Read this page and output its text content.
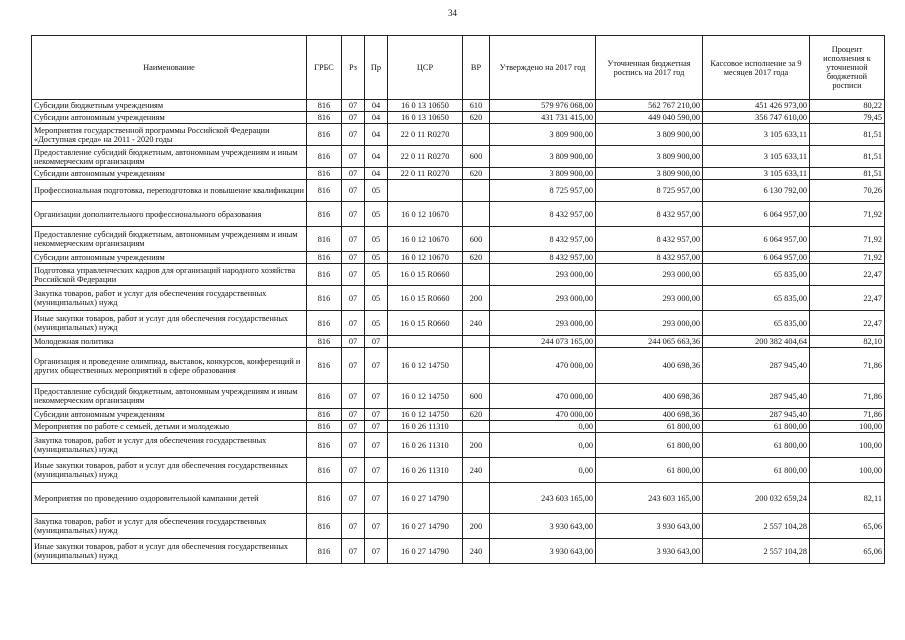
34
Наименование	ГРБС	Рз	Пр	ЦСР	ВР	Утверждено на 2017 год	Уточненная бюджетная роспись на 2017 год	Кассовое исполнение за 9 месяцев 2017 года	Процент исполнения к уточненной бюджетной росписи
Субсидии бюджетным учреждениям	816	07	04	16 0 13 10650	610	579 976 068,00	562 767 210,00	451 426 973,00	80,22
Субсидии автономным учреждениям	816	07	04	16 0 13 10650	620	431 731 415,00	449 040 590,00	356 747 610,00	79,45
Мероприятия государственной программы Российской Федерации «Доступная среда» на 2011 - 2020 годы	816	07	04	22 0 11 R0270		3 809 900,00	3 809 900,00	3 105 633,11	81,51
Предоставление субсидий бюджетным, автономным учреждениям и иным некоммерческим организациям	816	07	04	22 0 11 R0270	600	3 809 900,00	3 809 900,00	3 105 633,11	81,51
Субсидии автономным учреждениям	816	07	04	22 0 11 R0270	620	3 809 900,00	3 809 900,00	3 105 633,11	81,51
Профессиональная подготовка, переподготовка и повышение квалификации	816	07	05			8 725 957,00	8 725 957,00	6 130 792,00	70,26
Организации дополнительного профессионального образования	816	07	05	16 0 12 10670		8 432 957,00	8 432 957,00	6 064 957,00	71,92
Предоставление субсидий бюджетным, автономным учреждениям и иным некоммерческим организациям	816	07	05	16 0 12 10670	600	8 432 957,00	8 432 957,00	6 064 957,00	71,92
Субсидии автономным учреждениям	816	07	05	16 0 12 10670	620	8 432 957,00	8 432 957,00	6 064 957,00	71,92
Подготовка управленческих кадров для организаций народного хозяйства Российской Федерации	816	07	05	16 0 15 R0660		293 000,00	293 000,00	65 835,00	22,47
Закупка товаров, работ и услуг для обеспечения государственных (муниципальных) нужд	816	07	05	16 0 15 R0660	200	293 000,00	293 000,00	65 835,00	22,47
Иные закупки товаров, работ и услуг для обеспечения государственных (муниципальных) нужд	816	07	05	16 0 15 R0660	240	293 000,00	293 000,00	65 835,00	22,47
Молодежная политика	816	07	07			244 073 165,00	244 065 663,36	200 382 404,64	82,10
Организация и проведение олимпиад, выставок, конкурсов, конференций и других общественных мероприятий в сфере образования	816	07	07	16 0 12 14750		470 000,00	400 698,36	287 945,40	71,86
Предоставление субсидий бюджетным, автономным учреждениям и иным некоммерческим организациям	816	07	07	16 0 12 14750	600	470 000,00	400 698,36	287 945,40	71,86
Субсидии автономным учреждениям	816	07	07	16 0 12 14750	620	470 000,00	400 698,36	287 945,40	71,86
Мероприятия по работе с семьей, детьми и молодежью	816	07	07	16 0 26 11310		0,00	61 800,00	61 800,00	100,00
Закупка товаров, работ и услуг для обеспечения государственных (муниципальных) нужд	816	07	07	16 0 26 11310	200	0,00	61 800,00	61 800,00	100,00
Иные закупки товаров, работ и услуг для обеспечения государственных (муниципальных) нужд	816	07	07	16 0 26 11310	240	0,00	61 800,00	61 800,00	100,00
Мероприятия по проведению оздоровительной кампании детей	816	07	07	16 0 27 14790		243 603 165,00	243 603 165,00	200 032 659,24	82,11
Закупка товаров, работ и услуг для обеспечения государственных (муниципальных) нужд	816	07	07	16 0 27 14790	200	3 930 643,00	3 930 643,00	2 557 104,28	65,06
Иные закупки товаров, работ и услуг для обеспечения государственных (муниципальных) нужд	816	07	07	16 0 27 14790	240	3 930 643,00	3 930 643,00	2 557 104,28	65,06
